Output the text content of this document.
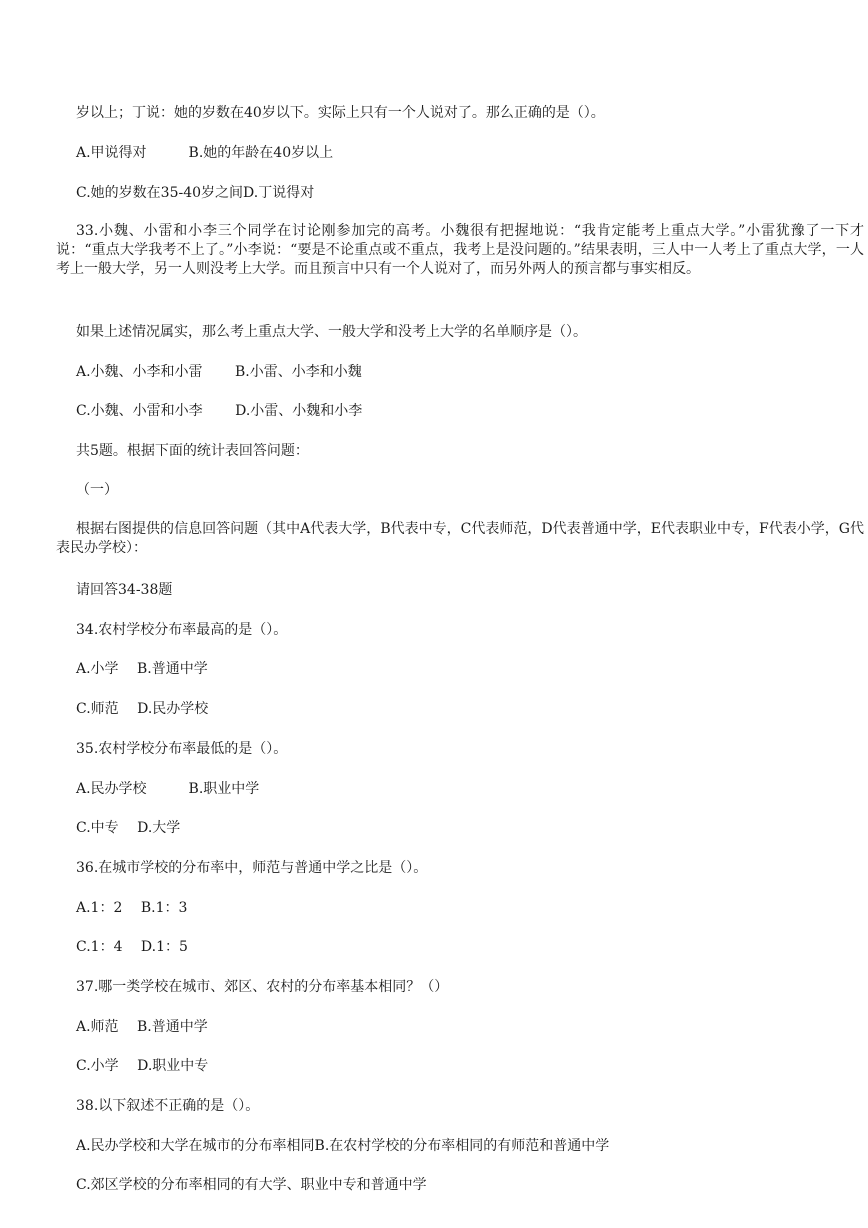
岁以上；丁说：她的岁数在40岁以下。实际上只有一个人说对了。那么正确的是（）。

A.甲说得对　　　B.她的年龄在40岁以上

C.她的岁数在35-40岁之间D.丁说得对

33.小魏、小雷和小李三个同学在讨论刚参加完的高考。小魏很有把握地说：“我肯定能考上重点大学。”小雷犹豫了一下才说：“重点大学我考不上了。”小李说：“要是不论重点或不重点，我考上是没问题的。”结果表明，三人中一人考上了重点大学，一人考上一般大学，另一人则没考上大学。而且预言中只有一个人说对了，而另外两人的预言都与事实相反。

如果上述情况属实，那么考上重点大学、一般大学和没考上大学的名单顺序是（）。

A.小魏、小李和小雷　　 B.小雷、小李和小魏

C.小魏、小雷和小李　　 D.小雷、小魏和小李

共5题。根据下面的统计表回答问题：

（一）

根据右图提供的信息回答问题（其中A代表大学，B代表中专，C代表师范，D代表普通中学，E代表职业中专，F代表小学，G代表民办学校）：

请回答34-38题

34.农村学校分布率最高的是（）。

A.小学　 B.普通中学

C.师范　 D.民办学校

35.农村学校分布率最低的是（）。

A.民办学校　　　B.职业中学

C.中专　 D.大学

36.在城市学校的分布率中，师范与普通中学之比是（）。

A.1：2　 B.1：3

C.1：4　 D.1：5

37.哪一类学校在城市、郊区、农村的分布率基本相同？（）

A.师范　 B.普通中学

C.小学　 D.职业中专

38.以下叙述不正确的是（）。

A.民办学校和大学在城市的分布率相同B.在农村学校的分布率相同的有师范和普通中学

C.郊区学校的分布率相同的有大学、职业中专和普通中学
